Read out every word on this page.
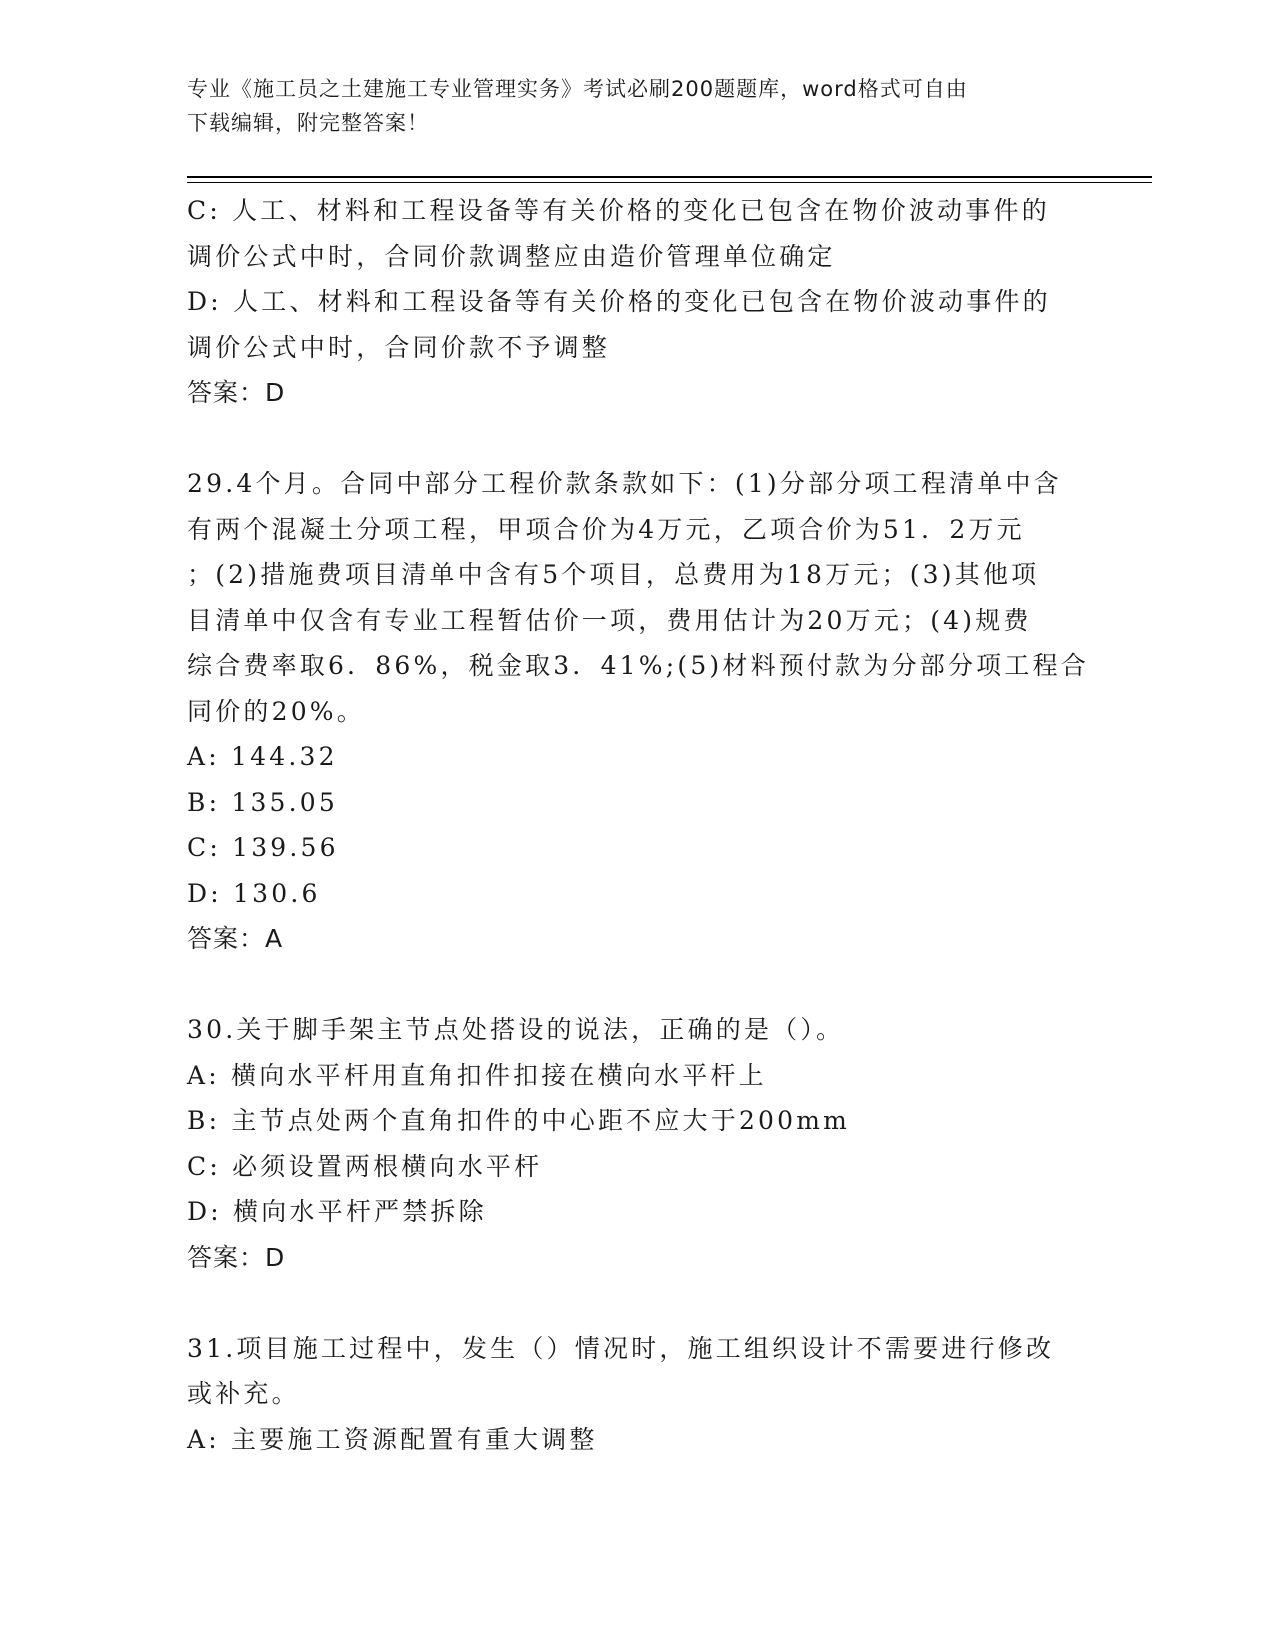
专业《施工员之土建施工专业管理实务》考试必刷200题题库，word格式可自由
下载编辑，附完整答案！
C: 人工、材料和工程设备等有关价格的变化已包含在物价波动事件的
调价公式中时，合同价款调整应由造价管理单位确定
D: 人工、材料和工程设备等有关价格的变化已包含在物价波动事件的
调价公式中时，合同价款不予调整
答案：D
29.4个月。合同中部分工程价款条款如下：(1)分部分项工程清单中含
有两个混凝土分项工程，甲项合价为4万元，乙项合价为51．2万元
；(2)措施费项目清单中含有5个项目，总费用为18万元；(3)其他项
目清单中仅含有专业工程暂估价一项，费用估计为20万元；(4)规费
综合费率取6．86%，税金取3．41%;(5)材料预付款为分部分项工程合
同价的20%。
A: 144.32
B: 135.05
C: 139.56
D: 130.6
答案：A
30.关于脚手架主节点处搭设的说法，正确的是（）。
A: 横向水平杆用直角扣件扣接在横向水平杆上
B: 主节点处两个直角扣件的中心距不应大于200mm
C: 必须设置两根横向水平杆
D: 横向水平杆严禁拆除
答案：D
31.项目施工过程中，发生（）情况时，施工组织设计不需要进行修改
或补充。
A: 主要施工资源配置有重大调整
